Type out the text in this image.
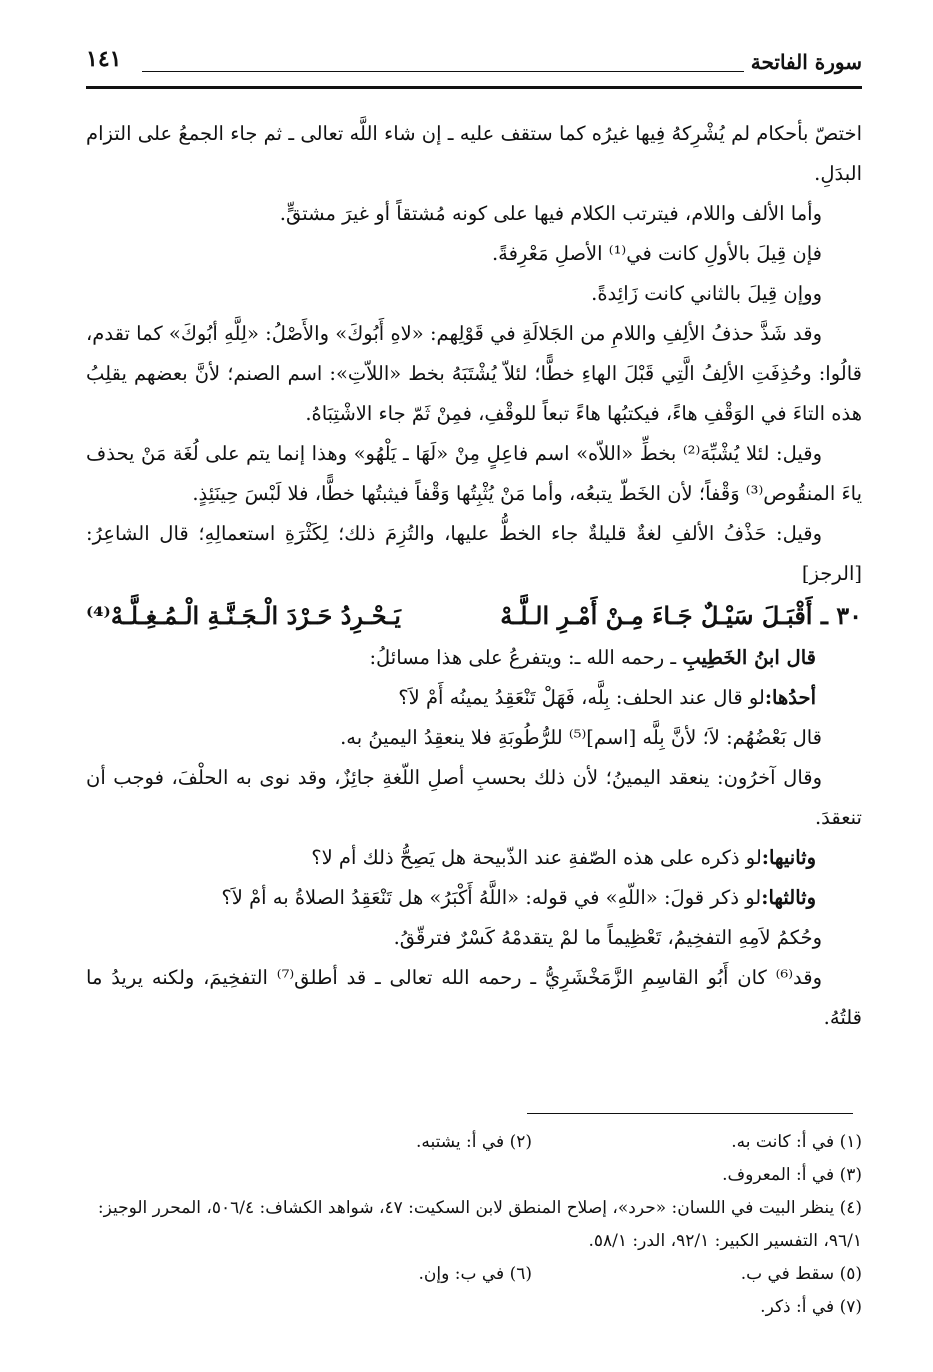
سورة الفاتحة
١٤١

اختصّ بأحكام لم يُشْرِكهُ فِيها غيرُه كما ستقف عليه ـ إن شاء اللَّه تعالى ـ ثم جاء الجمعُ على التزام البدَلِ.

وأما الألف واللام، فيترتب الكلام فيها على كونه مُشتقاً أو غيرَ مشتقٍّ.

فإن قِيلَ بالأولِ كانت في⁽¹⁾ الأصلِ مَعْرِفةً.

ووإن قِيلَ بالثاني كانت زَائِدةً.

وقد شَذَّ حذفُ الألِفِ واللامِ من الجَلالَةِ في قَوْلِهم: «لاهِ أَبُوكَ» والأَصْلُ: «لِلَّهِ أبُوكَ» كما تقدم، قالُوا: وحُذِفَتِ الألِفُ الَّتِي قَبْلَ الهاءِ خطًّا؛ لئلاّ يُشْتَبَهُ بخط «اللاّتِ»: اسم الصنم؛ لأنَّ بعضهم يقلِبُ هذه التاءَ في الوَقْفِ هاءً، فيكتبُها هاءً تبعاً للوقْفِ، فمِنْ ثَمّ جاء الاشْتِبَاهُ.

وقيل: لئلا يُشْبِّهَ⁽²⁾ بخطِّ «اللاّه» اسم فاعِلٍ مِنْ «لَهَا ـ يَلْهُو» وهذا إنما يتم على لُغَة مَنْ يحذف ياءَ المنقُوص⁽³⁾ وَقْفاً؛ لأن الخَطّ يتبعُه، وأما مَنْ يُثْبِتُها وَقْفاً فيثبتُها خطًّا، فلا لَبْسَ حِينَئِذٍ.

وقيل: حَذْفُ الألفِ لغةٌ قليلةٌ جاء الخطُّ عليها، والتُزِمَ ذلك؛ لِكَثْرَةِ استعمالِهِ؛ قال الشاعِرُ: [الرجز]

٣٠ ـ أَقْبَـلَ سَيْـلٌ جَـاءَ مِـنْ أَمْـرِ الـلَّـهْ
يَـحْـرِدُ حَـرْدَ الْـجَـنَّـةِ الْـمُـغِـلَّـهْ⁽⁴⁾

قال ابنُ الخَطِيبِ ـ رحمه الله ـ: ويتفرعُ على هذا مسائلُ:

أحدُها:لو قال عند الحلف: بِلَّه، فَهَلْ تَنْعَقِدُ يمينُه أَمْ لاَ؟

قال بَعْضُهُم: لاَ؛ لأنَّ بِلَّه [اسم]⁽⁵⁾ للرُّطُوبَةِ فلا ينعقِدُ اليمينُ به.

وقال آخرُون: ينعقد اليمينُ؛ لأن ذلك بحسبِ أصلِ اللّغةِ جائِزٌ، وقد نوى به الحلْفَ، فوجب أن تنعقدَ.

وثانيها:لو ذكره على هذه الصّفةِ عند الذّبيحة هل يَصِحُّ ذلك أم لا؟

وثالثها:لو ذكر قولَ: «اللّهِ» في قوله: «اللَّهُ أَكْبَرُ» هل تَنْعَقِدُ الصلاةُ به أمْ لاَ؟

وحُكمُ لاَمِهِ التفخِيمُ، تَعْظِيماً ما لمْ يتقدمْهُ كَسْرٌ فترقّقُ.

وقد⁽⁶⁾ كان أَبُو القاسِمِ الزَّمَخْشَرِيُّ ـ رحمه الله تعالى ـ قد أطلق⁽⁷⁾ التفخِيمَ، ولكنه يريدُ ما قلتُهُ.

(١) في أ: كانت به.
(٢) في أ: يشتبه.

(٣) في أ: المعروف.

(٤) ينظر البيت في اللسان: «حرد»، إصلاح المنطق لابن السكيت: ٤٧، شواهد الكشاف: ٥٠٦/٤، المحرر الوجيز: ٩٦/١، التفسير الكبير: ٩٢/١، الدر: ٥٨/١.

(٥) سقط في ب.
(٦) في ب: وإن.

(٧) في أ: ذكر.
